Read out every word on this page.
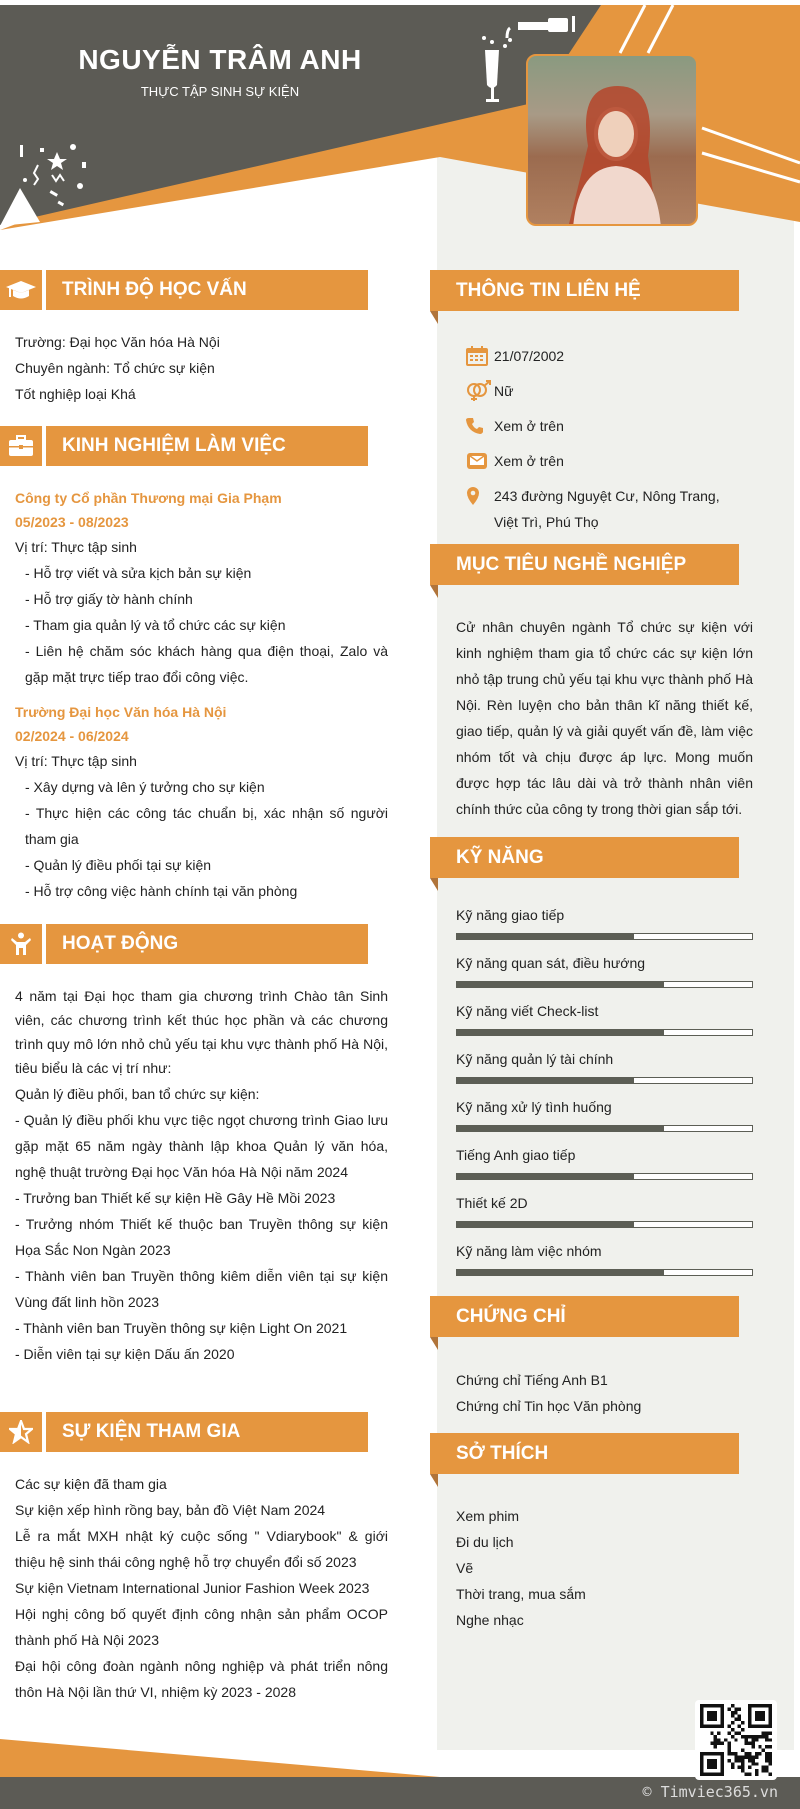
NGUYỄN TRÂM ANH
THỰC TẬP SINH SỰ KIỆN
TRÌNH ĐỘ HỌC VẤN
Trường: Đại học Văn hóa Hà Nội
Chuyên ngành: Tổ chức sự kiện
Tốt nghiệp loại Khá
KINH NGHIỆM LÀM VIỆC
Công ty Cổ phần Thương mại Gia Phạm
05/2023 - 08/2023
Vị trí: Thực tập sinh
- Hỗ trợ viết và sửa kịch bản sự kiện
- Hỗ trợ giấy tờ hành chính
- Tham gia quản lý và tổ chức các sự kiện
- Liên hệ chăm sóc khách hàng qua điện thoại, Zalo và gặp mặt trực tiếp trao đổi công việc.
Trường Đại học Văn hóa Hà Nội
02/2024 - 06/2024
Vị trí: Thực tập sinh
- Xây dựng và lên ý tưởng cho sự kiện
- Thực hiện các công tác chuẩn bị, xác nhận số người tham gia
- Quản lý điều phối tại sự kiện
- Hỗ trợ công việc hành chính tại văn phòng
HOẠT ĐỘNG
4 năm tại Đại học tham gia chương trình Chào tân Sinh viên, các chương trình kết thúc học phần và các chương trình quy mô lớn nhỏ chủ yếu tại khu vực thành phố Hà Nội, tiêu biểu là các vị trí như:
Quản lý điều phối, ban tổ chức sự kiện:
- Quản lý điều phối khu vực tiệc ngọt chương trình Giao lưu gặp mặt 65 năm ngày thành lập khoa Quản lý văn hóa, nghệ thuật trường Đại học Văn hóa Hà Nội năm 2024
- Trưởng ban Thiết kế sự kiện Hề Gây Hề Mồi 2023
- Trưởng nhóm Thiết kế thuộc ban Truyền thông sự kiện Họa Sắc Non Ngàn 2023
- Thành viên ban Truyền thông kiêm diễn viên tại sự kiện Vùng đất linh hồn 2023
- Thành viên ban Truyền thông sự kiện Light On 2021
- Diễn viên tại sự kiện Dấu ấn 2020
SỰ KIỆN THAM GIA
Các sự kiện đã tham gia
Sự kiện xếp hình rồng bay, bản đồ Việt Nam 2024
Lễ ra mắt MXH nhật ký cuộc sống " Vdiarybook" & giới thiệu hệ sinh thái công nghệ hỗ trợ chuyển đổi số 2023
Sự kiện Vietnam International Junior Fashion Week 2023
Hội nghị công bố quyết định công nhận sản phẩm OCOP thành phố Hà Nội 2023
Đại hội công đoàn ngành nông nghiệp và phát triển nông thôn Hà Nội lần thứ VI, nhiệm kỳ 2023 - 2028
THÔNG TIN LIÊN HỆ
21/07/2002
Nữ
Xem ở trên
Xem ở trên
243 đường Nguyệt Cư, Nông Trang, Việt Trì, Phú Thọ
MỤC TIÊU NGHỀ NGHIỆP
Cử nhân chuyên ngành Tổ chức sự kiện với kinh nghiệm tham gia tổ chức các sự kiện lớn nhỏ tập trung chủ yếu tại khu vực thành phố Hà Nội. Rèn luyện cho bản thân kĩ năng thiết kế, giao tiếp, quản lý và giải quyết vấn đề, làm việc nhóm tốt và chịu được áp lực. Mong muốn được hợp tác lâu dài và trở thành nhân viên chính thức của công ty trong thời gian sắp tới.
KỸ NĂNG
Kỹ năng giao tiếp
Kỹ năng quan sát, điều hướng
Kỹ năng viết Check-list
Kỹ năng quản lý tài chính
Kỹ năng xử lý tình huống
Tiếng Anh giao tiếp
Thiết kế 2D
Kỹ năng làm việc nhóm
CHỨNG CHỈ
Chứng chỉ Tiếng Anh B1
Chứng chỉ Tin học Văn phòng
SỞ THÍCH
Xem phim
Đi du lịch
Vẽ
Thời trang, mua sắm
Nghe nhạc
© Timviec365.vn
